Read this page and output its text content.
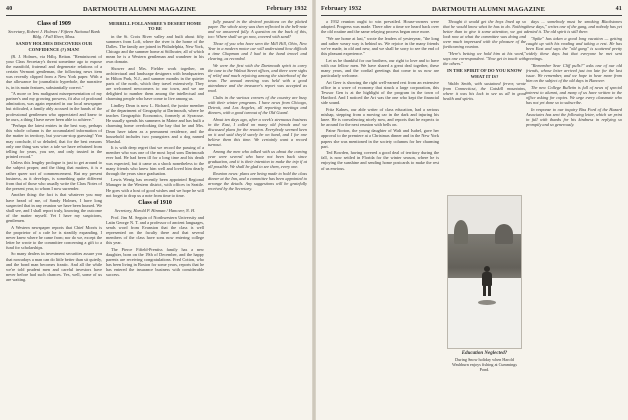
40	DARTMOUTH ALUMNI MAGAZINE	February 1932
Class of 1909
Secretary, Robert J. Holmes / Fifteen National Bank Bldg. / Fall River, Mass.
SANDY HOLMES DISCOVERS OUR CONFIDENCE (?) MAN!

(R. J. Holmes, via Hdlq. Reitan. "Reminiscent of your Class Secretary's threat sometime ago to expose the manifold, fraternal and degenerate relations of a certain Vermont gentleman, the following news item was recently clipped from a New York paper. With a due allowance for journalistic hyperbole, the narrative is, in its main features, substantially correct."

"A more or less malignant misrepresentation of my partner's and my growing prowess, fit also of profound admiration, was again repeated in our local newspaper but ridiculed, a family ably accused in the hands of the professional gentlemen who appreciated and knew to be ours, a thing I have never been able to achieve."

"Perhaps the latest entries in the best way, perhaps this whole column is the accumulated information of the matter in territory, but you-can-stop guessing! You may conclude, if so deluded, that for the best reasons only one thing was wise: a tale we have refrained from telling for years, you see, and only trusted in the printed record."

Unless this lengthy prologue is just to get around to the subject proper, and the thing that matters, it is a rather queer sort of commencement. But my present business, as it develops, is something quite different from that of those who usually write the Class Notes of the present year, to whom I now surrender.

Another thing: the fact is that whatever you may have heard of me, of Sandy Holmes, I have long suspected that in any reunion we have been hoaxed. We shall see, and I shall report truly, knowing the outcome of the matter myself. Yet I have my suspicions, gentlemen.

A Western newspaper reports that Chief Morris is the proprietor of a cafe he is steadily expanding. I never knew where he came from; nor do we, except the letter he wrote to the committee concerning a gift to a fund for scholarships.

So many dealers in investment securities assure you that nowadays a man can do little better than sit quietly, and the bond man becomes frantic. And all the while we're told prudent men and careful investors have never before had such chances. Yes, well, some of us are waiting.

MERRILL FOLLANSBEE'S DESERT HOME TO BE

in the St. Croix River valley and built about fifty summers from Loft, where the river is the home of the Dalles. The family are joined in Philadelphia, New York, Chicago and the summer home at Stillwater, all of which mean he is a Western gentleman and wanderer in his own domain.

Shower and Mrs. Fielder work together, an architectural and landscape designers with headquarters in Hilton Park, N.J., and summer months in the quieter parts of the north, which they travel extensively. They are welcomed newcomers to our town, and we are delighted to number them among the intellectual and charming people who have come to live among us.

Lindley Dean is now L. Richard, the junior member of the department of Geography at Dartmouth, where he teaches Geographic Economics, formerly at Syracuse. He usually spends his summers in Maine and has built a charming home overlooking the bay that he and Mrs. Dean have taken as a permanent residence, and the household includes two youngsters and a dog named Marshal.

It is with deep regret that we record the passing of a member who was one of the most loyal sons Dartmouth ever had. He had been ill for a long time and his death was expected, but it came as a shock nonetheless to the many friends who knew him well and loved him dearly through the years since graduation.

Lewis Wenig has recently been appointed Regional Manager in the Western district, with offices in Seattle. He goes with a host of good wishes and we hope he will not forget to drop us a note from time to time.

Class of 1910
Secretary, Harold P. Hinman / Hanover, N. H.

Prof. Jim M. Seguin of Northwestern University and Latin George N. T. and a professor of ancient languages, sends word from Evanston that the class is well represented on the faculty there and that several members of the class have sons now entering college this year.

The Pierce Fifield-Prentiss family has a new daughter, born on the 19th of December, and the happy parents are receiving congratulations. Fred Cotton, who has been living in Boston for some years, reports that he has entered the insurance business with considerable success.

fully passed in the desired positions on the plaited paper. The whole story was then reflected in the bell-note and we answered fully. A question on the back of this, too: Where shall we go now, covered with sand?

Those of you who have seen the Mill Hill, Ohio, New Year in a modern motor car will understand how difficult a time Chapman and I had in the hand trowel and clearing, as recorded.

We were the first with the Dartmouth spirit to carry the tune to the Walnut Street offices, and there were sighs of relief and much rejoicing among the sisterhood of the town. The annual meeting was held with a good attendance and the treasurer's report was accepted as read.

Clubs in the various corners of the country are busy with their winter programs. I have news from Chicago, Detroit, and Los Angeles, all reporting meetings and dinners, with a good turnout of the Old Guard.

About ten days ago, after a week's strenuous business in the East, I called on many old friends and we discussed plans for the reunion. Everybody seemed keen on it and said they'd surely be on hand, and I for one believe them this time. We certainly want a record turnout.

Among the men who talked with us about the coming year were several who have not been back since graduation, and it is their intention to make the trip if at all possible. We shall be glad to see them, every one.

Reunion news: plans are being made to hold the class dinner at the Inn, and a committee has been appointed to arrange the details. Any suggestions will be gratefully received by the Secretary.

February 1932	DARTMOUTH ALUMNI MAGAZINE	41

a 1932 reunion ought to win prevailed. House-owners were adopted. Progress was made. There after a time we heard back over the old routine and the same relaying process began once more.

"We are home at last," wrote the leaders of yesteryear, "the long and rather weary way is behind us. We rejoice in the many friends we've made, in old and new, and we shall be sorry to see the end of this pleasant experience."

Let us be thankful for our brothers, our right to love and to have with our fellow men. We have shared a great deal together, these many years, and the cordial greetings that come to us now are particularly welcome.

Art Geer is showing the right well-earned rest from an extensive office in a wave of economy that struck a large corporation, this Tewsor Gen is at the highlight of the program in the town of Hartford. And I noticed the Art was the one who kept the financial side sound.

Fritz Kalnes, our able writer of class education, had a serious mishap, stepping from a moving car in the dark and injuring his knee. He is convalescing nicely now, and reports that he expects to be around for the next reunion with bells on.

Paine Norton, the young daughter of Walt and Isabel, gave her approval to the premiere at a Christmas dinner and in the New York papers she was mentioned in the society columns for her charming part.

Ted Bowden, having covered a good deal of territory during the fall, is now settled in Florida for the winter season, where he is enjoying the sunshine and sending home postcards to make the rest of us envious.

Thought it would get the boys lined up so that he would know what he has to do. Nothing better than to give it some attention, we got a look now at what the committee was doing and were much impressed with the pleasure of the forthcoming reunion.

"Here's betting we hold him at his word," says one correspondent. "Now get in touch with the others."

IN THE SPIRIT OF DO YOU KNOW WHAT IT IS?

Waldo Smith, with sustained fervor, wrote from Connecticut, the Catskill mountains, where it was his luck to see us all in good health and spirits.

Education Neglected?
During Snow holiday when Harold Washburn enjoys fishing at Cummings Pond.

days ... somebody must be smoking Blackstones these days," writes one of the gang, and nobody has yet denied it. The old spirit is still there.

"Spike" has taken a good long vacation — getting caught up with his reading and taking a rest. He has been East and says the "old gang" is scattered pretty widely these days but that everyone he met sent greetings.

"Remember Sear Cliff pulls?" asks one of our old friends, whose letter arrived just too late for the last issue. We remember, and we hope to hear more from him on the subject of the old days in Hanover.

The new College Bulletin is full of news of special interest to alumni, and many of us have written to the office asking for copies. We urge every classmate who has not yet done so to subscribe.

In response to our inquiry Biss Ford of the Hazard Associates has sent the following letter, which we print in full with thanks for his kindness in replying so promptly and so generously.
